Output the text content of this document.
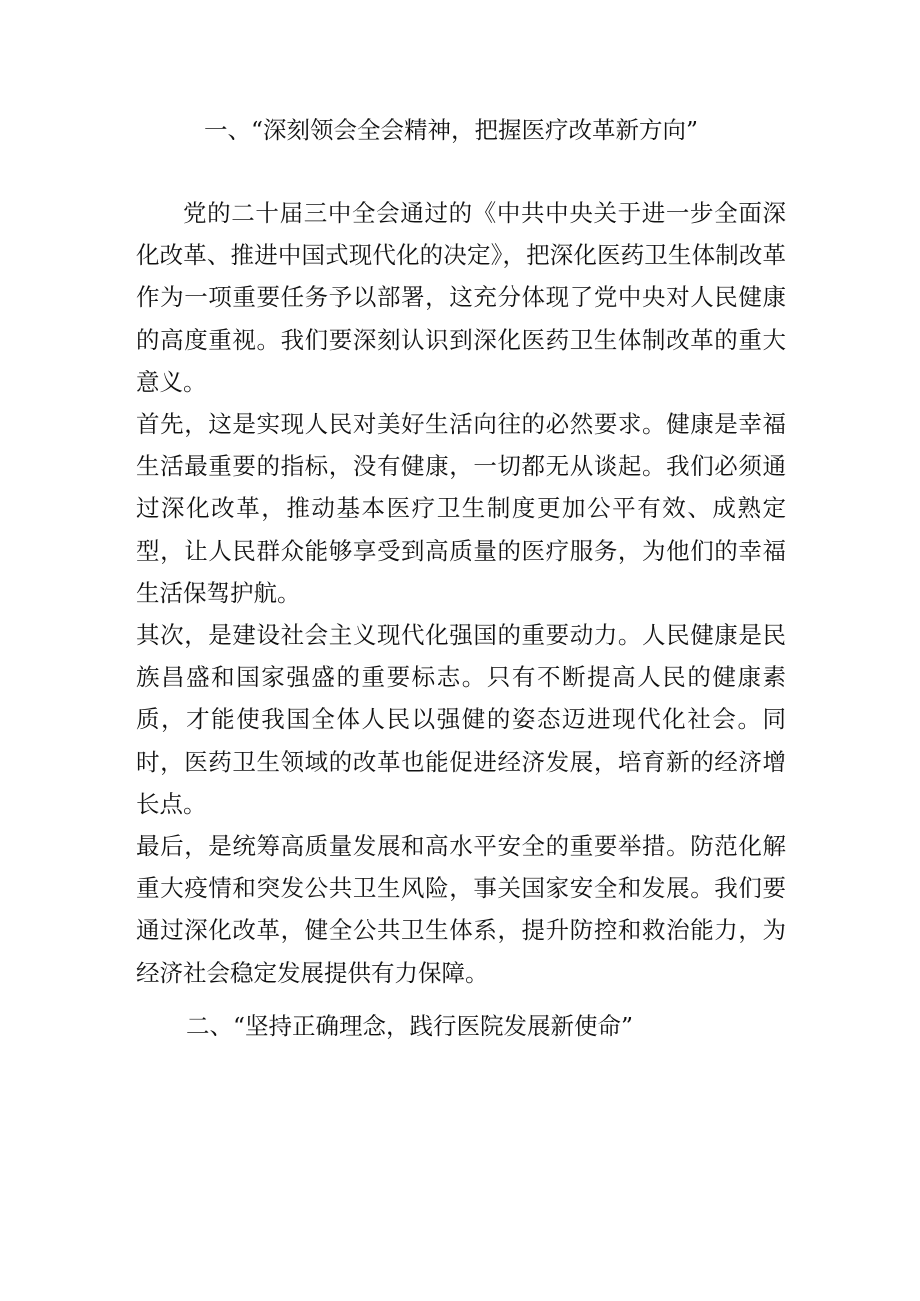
一、“深刻领会全会精神，把握医疗改革新方向”

党的二十届三中全会通过的《中共中央关于进一步全面深化改革、推进中国式现代化的决定》，把深化医药卫生体制改革作为一项重要任务予以部署，这充分体现了党中央对人民健康的高度重视。我们要深刻认识到深化医药卫生体制改革的重大意义。

首先，这是实现人民对美好生活向往的必然要求。健康是幸福生活最重要的指标，没有健康，一切都无从谈起。我们必须通过深化改革，推动基本医疗卫生制度更加公平有效、成熟定型，让人民群众能够享受到高质量的医疗服务，为他们的幸福生活保驾护航。

其次，是建设社会主义现代化强国的重要动力。人民健康是民族昌盛和国家强盛的重要标志。只有不断提高人民的健康素质，才能使我国全体人民以强健的姿态迈进现代化社会。同时，医药卫生领域的改革也能促进经济发展，培育新的经济增长点。

最后，是统筹高质量发展和高水平安全的重要举措。防范化解重大疫情和突发公共卫生风险，事关国家安全和发展。我们要通过深化改革，健全公共卫生体系，提升防控和救治能力，为经济社会稳定发展提供有力保障。

二、“坚持正确理念，践行医院发展新使命”
